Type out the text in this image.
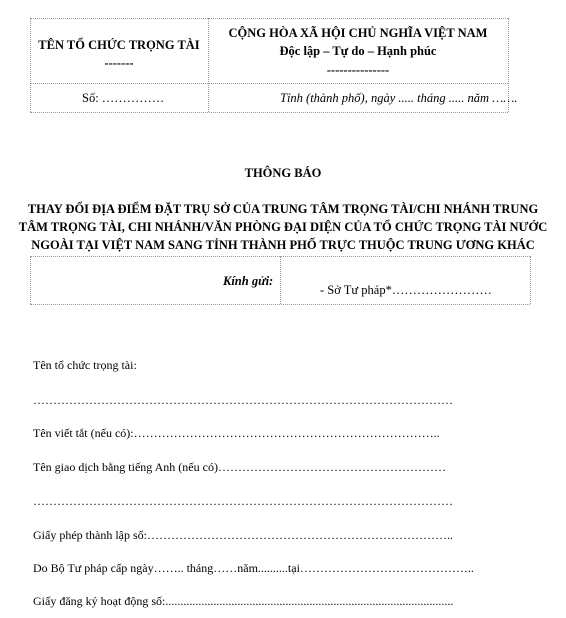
TÊN TỔ CHỨC TRỌNG TÀI
-------
CỘNG HÒA XÃ HỘI CHỦ NGHĨA VIỆT NAM
Độc lập – Tự do – Hạnh phúc
---------------
Số: ……………	Tỉnh (thành phố), ngày ..... tháng ..... năm …….
THÔNG BÁO
THAY ĐỔI ĐỊA ĐIỂM ĐẶT TRỤ SỞ CỦA TRUNG TÂM TRỌNG TÀI/CHI NHÁNH TRUNG
TÂM TRỌNG TÀI, CHI NHÁNH/VĂN PHÒNG ĐẠI DIỆN CỦA TỔ CHỨC TRỌNG TÀI NƯỚC
NGOÀI TẠI VIỆT NAM SANG TỈNH THÀNH PHỐ TRỰC THUỘC TRUNG ƯƠNG KHÁC
Kính gửi:
- Sở Tư pháp*……………………
Tên tổ chức trọng tài:
……………………………………………………………………………………………
Tên viết tắt (nếu có):…………………………………………………………………..
Tên giao dịch bằng tiếng Anh (nếu có)…………………………………………………
……………………………………………………………………………………………
Giấy phép thành lập số:…………………………………………………………………..
Do Bộ Tư pháp cấp ngày…….. tháng……năm..........tại……………………………………..
Giấy đăng ký hoạt động số:................................................................................................
